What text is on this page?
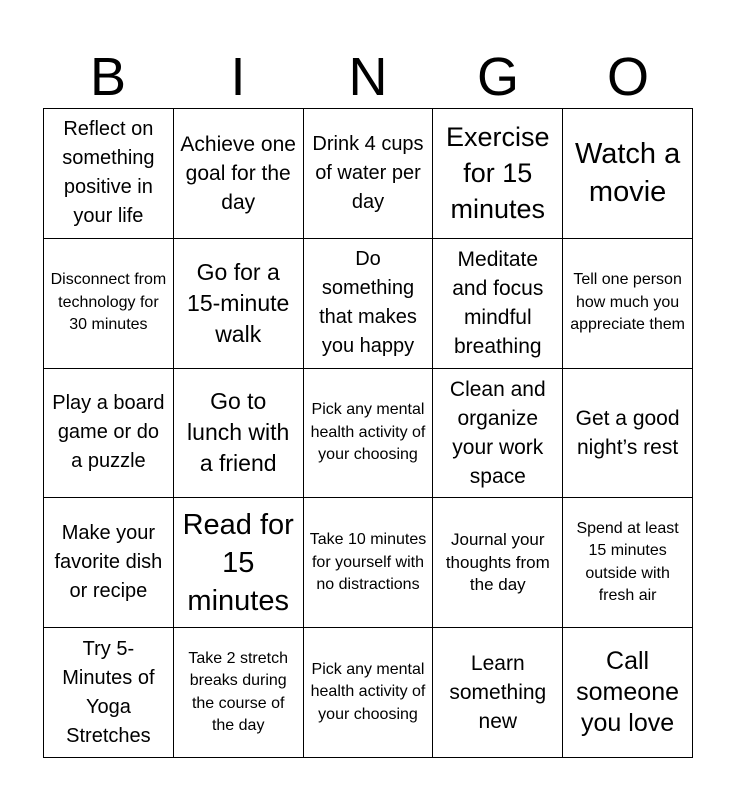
B	I	N	G	O
Reflect on something positive in your life
Achieve one goal for the day
Drink 4 cups of water per day
Exercise for 15 minutes
Watch a movie
Disconnect from technology for 30 minutes
Go for a 15-minute walk
Do something that makes you happy
Meditate and focus mindful breathing
Tell one person how much you appreciate them
Play a board game or do a puzzle
Go to lunch with a friend
Pick any mental health activity of your choosing
Clean and organize your work space
Get a good night’s rest
Make your favorite dish or recipe
Read for 15 minutes
Take 10 minutes for yourself with no distractions
Journal your thoughts from the day
Spend at least 15 minutes outside with fresh air
Try 5-Minutes of Yoga Stretches
Take 2 stretch breaks during the course of the day
Pick any mental health activity of your choosing
Learn something new
Call someone you love
